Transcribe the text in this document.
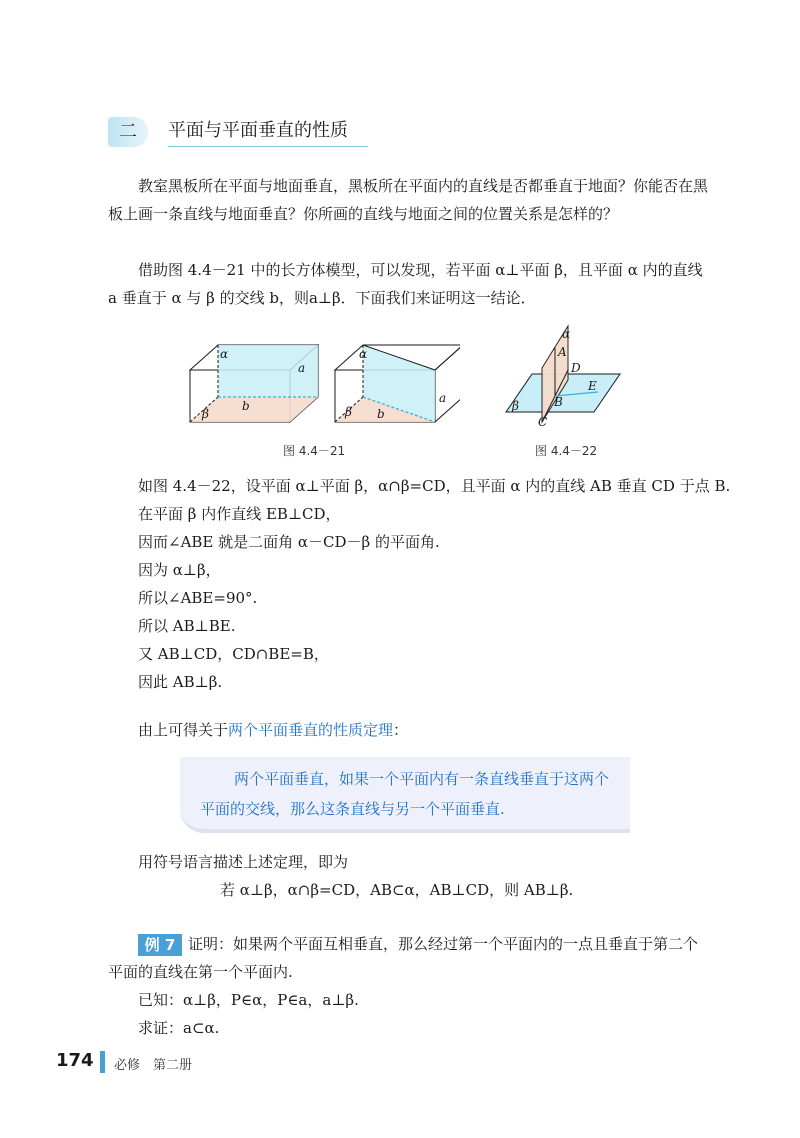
二	平面与平面垂直的性质
教室黑板所在平面与地面垂直，黑板所在平面内的直线是否都垂直于地面？你能否在黑板上画一条直线与地面垂直？你所画的直线与地面之间的位置关系是怎样的？
借助图 4.4－21 中的长方体模型，可以发现，若平面 α⊥平面 β，且平面 α 内的直线 a 垂直于 α 与 β 的交线 b，则a⊥β．下面我们来证明这一结论．
α
a
b
β
α
a
b
β
α
A
D
E
B
C
β
图 4.4－21	图 4.4－22
如图 4.4－22，设平面 α⊥平面 β，α∩β=CD，且平面 α 内的直线 AB 垂直 CD 于点 B.
在平面 β 内作直线 EB⊥CD，
因而∠ABE 就是二面角 α－CD－β 的平面角.
因为 α⊥β，
所以∠ABE=90°.
所以 AB⊥BE.
又 AB⊥CD，CD∩BE=B，
因此 AB⊥β.
由上可得关于两个平面垂直的性质定理：
两个平面垂直，如果一个平面内有一条直线垂直于这两个平面的交线，那么这条直线与另一个平面垂直.
用符号语言描述上述定理，即为
若 α⊥β，α∩β=CD，AB⊂α，AB⊥CD，则 AB⊥β.
例 7 证明：如果两个平面互相垂直，那么经过第一个平面内的一点且垂直于第二个平面的直线在第一个平面内.
已知：α⊥β，P∈α，P∈a，a⊥β.
求证：a⊂α.
174 必修　第二册
